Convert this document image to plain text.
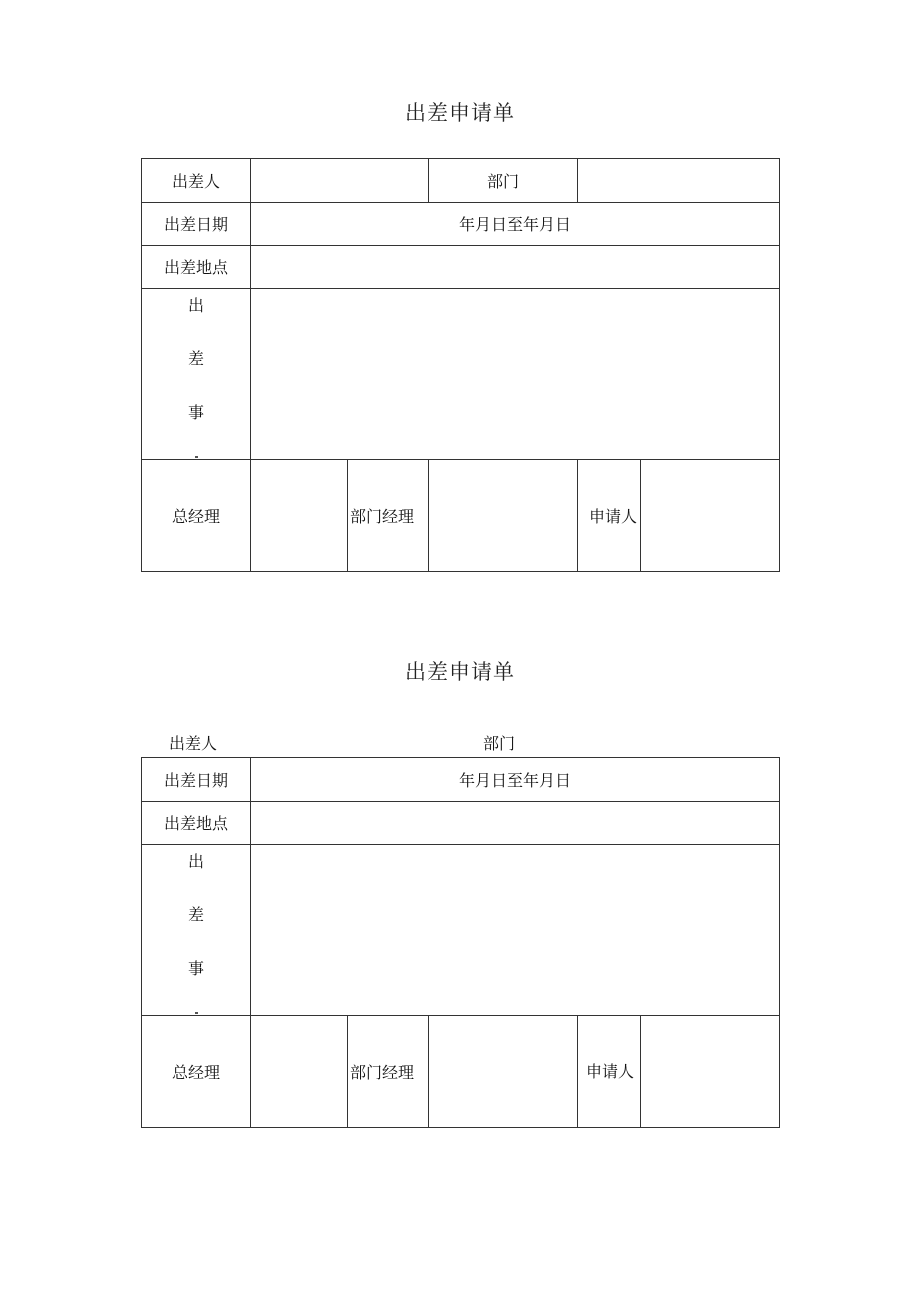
出差申请单
出差人	部门
出差日期	年月日至年月日
出差地点
出
差
事
总经理	部门经理	申请人
出差申请单
出差人	部门
出差日期	年月日至年月日
出差地点
出
差
事
总经理	部门经理	申请人
